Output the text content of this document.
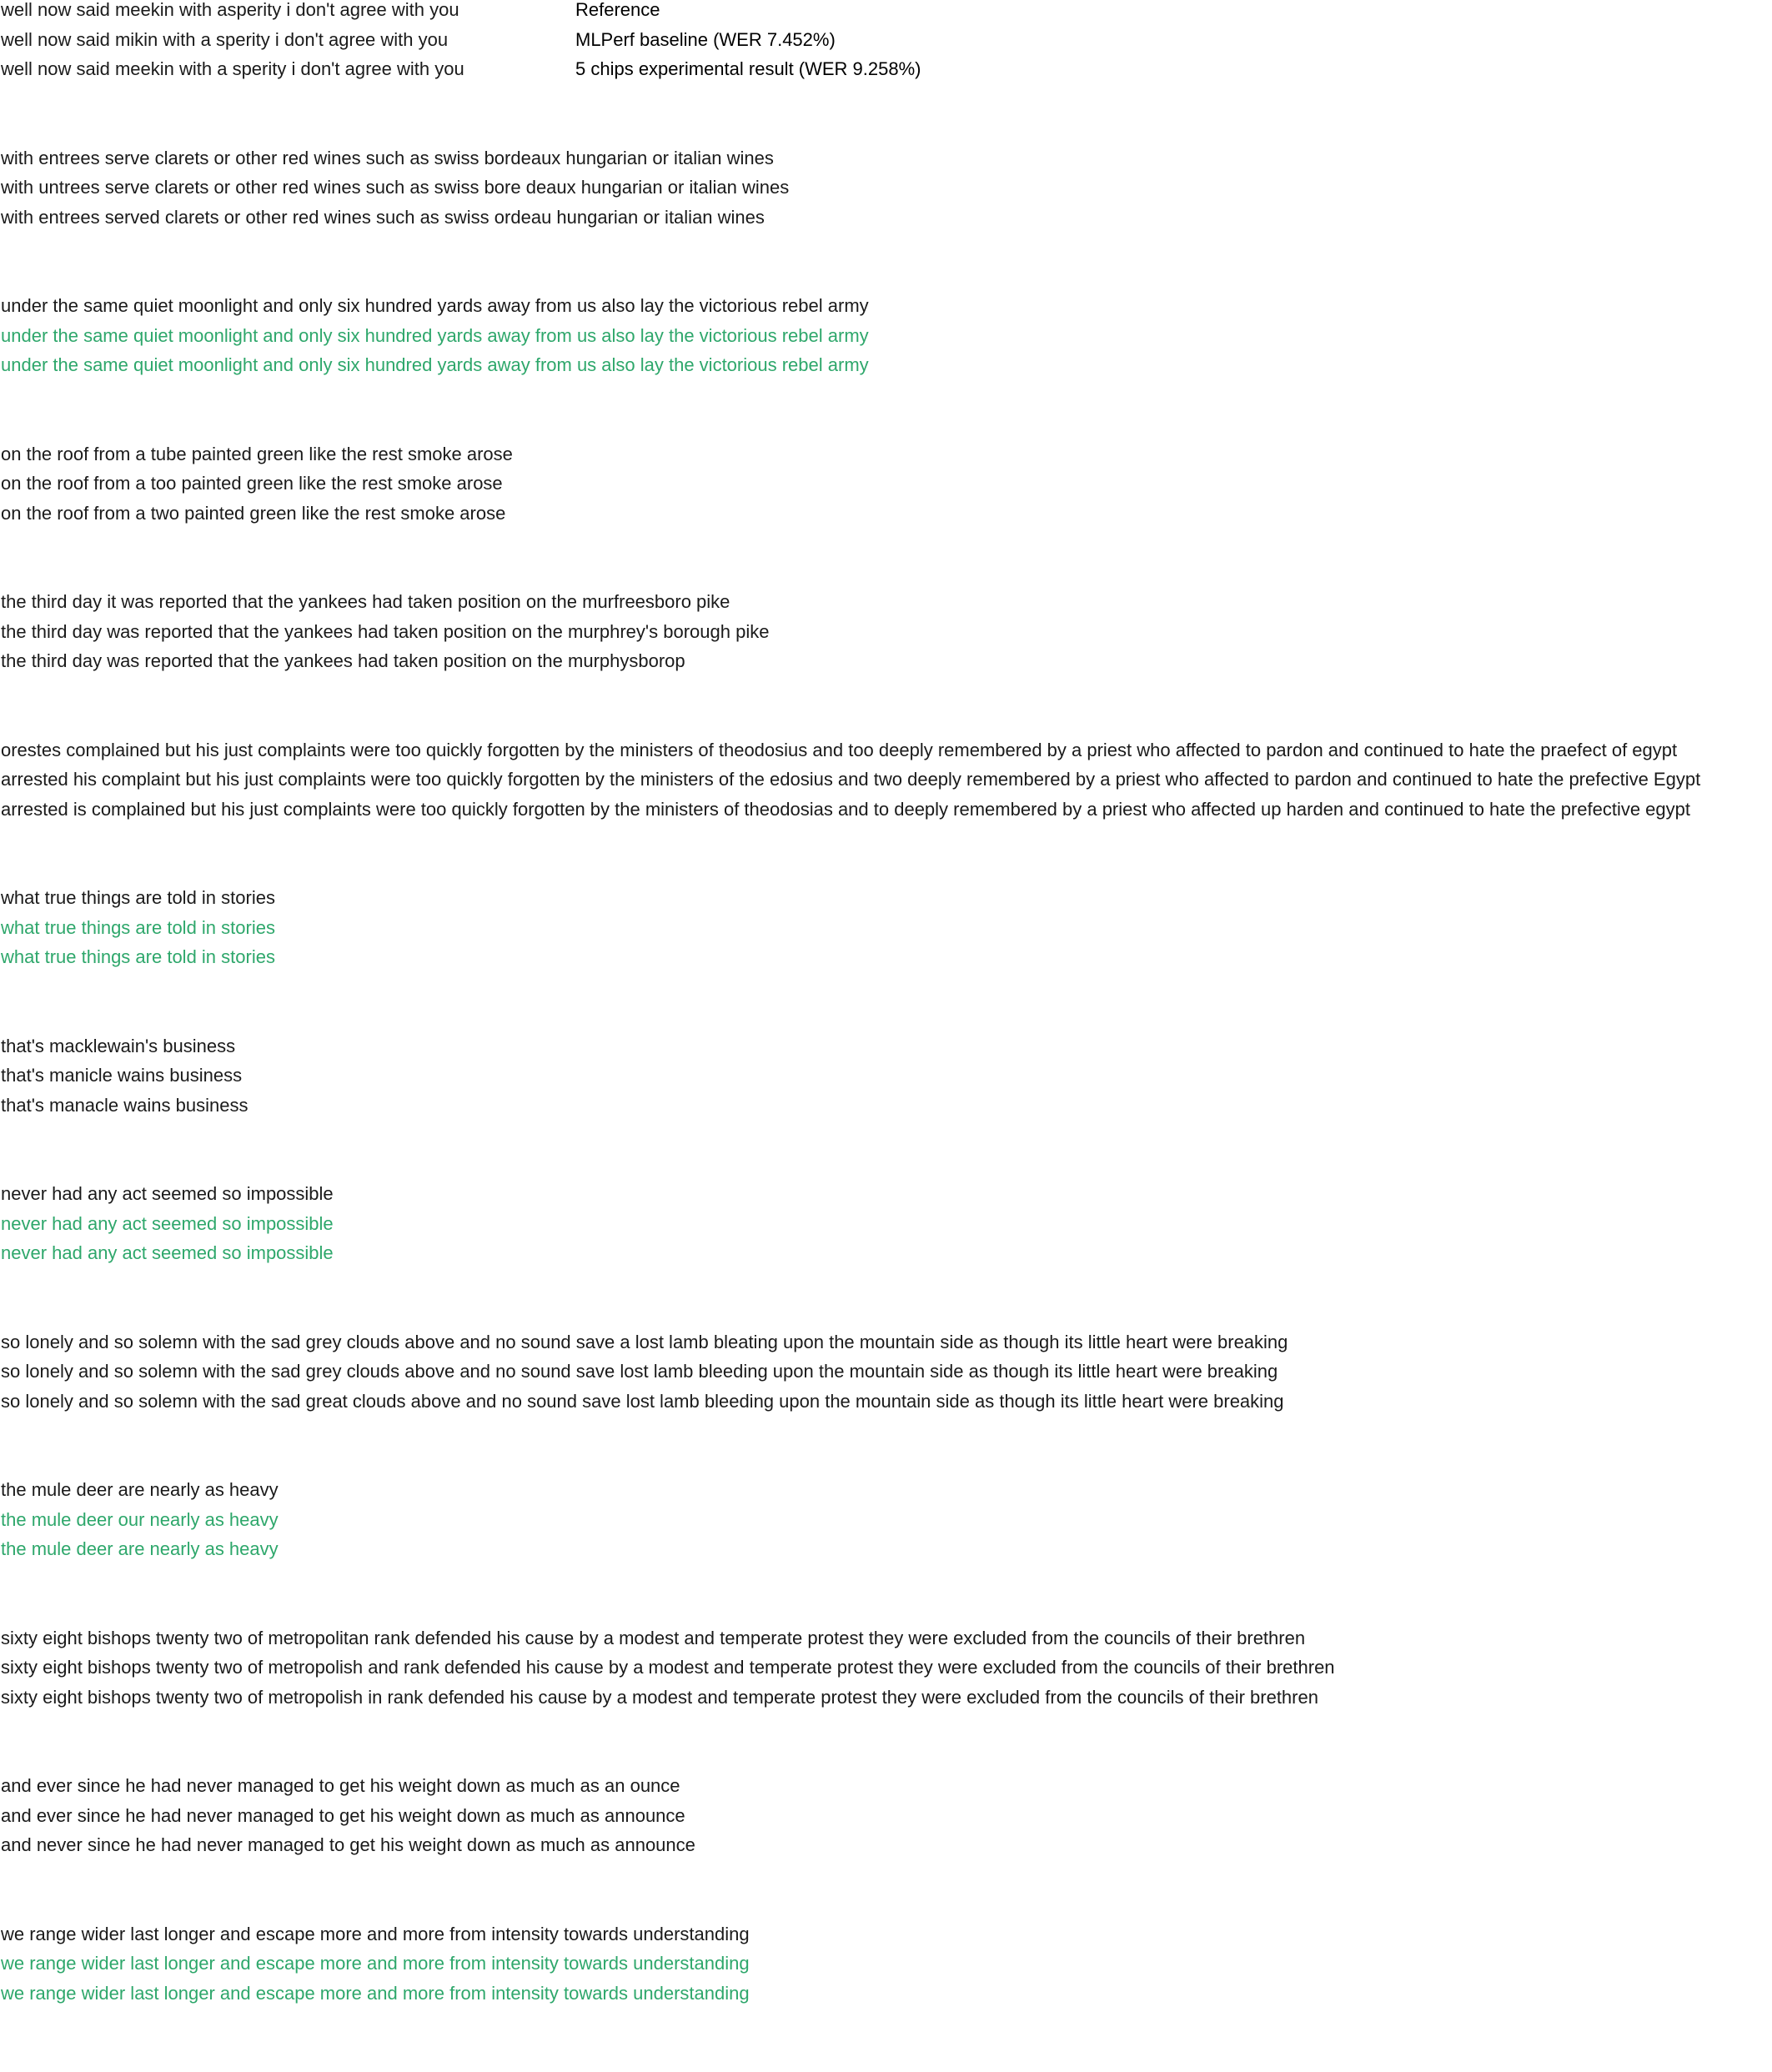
Reference
MLPerf baseline (WER 7.452%)
5 chips experimental result (WER 9.258%)
well now said meekin with asperity i don't agree with you
well now said mikin with a sperity i don't agree with you
well now said meekin with a sperity i don't agree with you
with entrees serve clarets or other red wines such as swiss bordeaux hungarian or italian wines
with untrees serve clarets or other red wines such as swiss bore deaux hungarian or italian wines
with entrees served clarets or other red wines such as swiss ordeau hungarian or italian wines
under the same quiet moonlight and only six hundred yards away from us also lay the victorious rebel army
under the same quiet moonlight and only six hundred yards away from us also lay the victorious rebel army
under the same quiet moonlight and only six hundred yards away from us also lay the victorious rebel army
on the roof from a tube painted green like the rest smoke arose
on the roof from a too painted green like the rest smoke arose
on the roof from a two painted green like the rest smoke arose
the third day it was reported that the yankees had taken position on the murfreesboro pike
the third day was reported that the yankees had taken position on the murphrey's borough pike
the third day was reported that the yankees had taken position on the murphysborop
orestes complained but his just complaints were too quickly forgotten by the ministers of theodosius and too deeply remembered by a priest who affected to pardon and continued to hate the praefect of egypt
arrested his complaint but his just complaints were too quickly forgotten by the ministers of the edosius and two deeply remembered by a priest who affected to pardon and continued to hate the prefective Egypt
arrested is complained but his just complaints were too quickly forgotten by the ministers of theodosias and to deeply remembered by a priest who affected up harden and continued to hate the prefective egypt
what true things are told in stories
what true things are told in stories
what true things are told in stories
that's macklewain's business
that's manicle wains business
that's manacle wains business
never had any act seemed so impossible
never had any act seemed so impossible
never had any act seemed so impossible
so lonely and so solemn with the sad grey clouds above and no sound save a lost lamb bleating upon the mountain side as though its little heart were breaking
so lonely and so solemn with the sad grey clouds above and no sound save lost lamb bleeding upon the mountain side as though its little heart were breaking
so lonely and so solemn with the sad great clouds above and no sound save lost lamb bleeding upon the mountain side as though its little heart were breaking
the mule deer are nearly as heavy
the mule deer our nearly as heavy
the mule deer are nearly as heavy
sixty eight bishops twenty two of metropolitan rank defended his cause by a modest and temperate protest they were excluded from the councils of their brethren
sixty eight bishops twenty two of metropolish and rank defended his cause by a modest and temperate protest they were excluded from the councils of their brethren
sixty eight bishops twenty two of metropolish in rank defended his cause by a modest and temperate protest they were excluded from the councils of their brethren
and ever since he had never managed to get his weight down as much as an ounce
and ever since he had never managed to get his weight down as much as announce
and never since he had never managed to get his weight down as much as announce
we range wider last longer and escape more and more from intensity towards understanding
we range wider last longer and escape more and more from intensity towards understanding
we range wider last longer and escape more and more from intensity towards understanding
